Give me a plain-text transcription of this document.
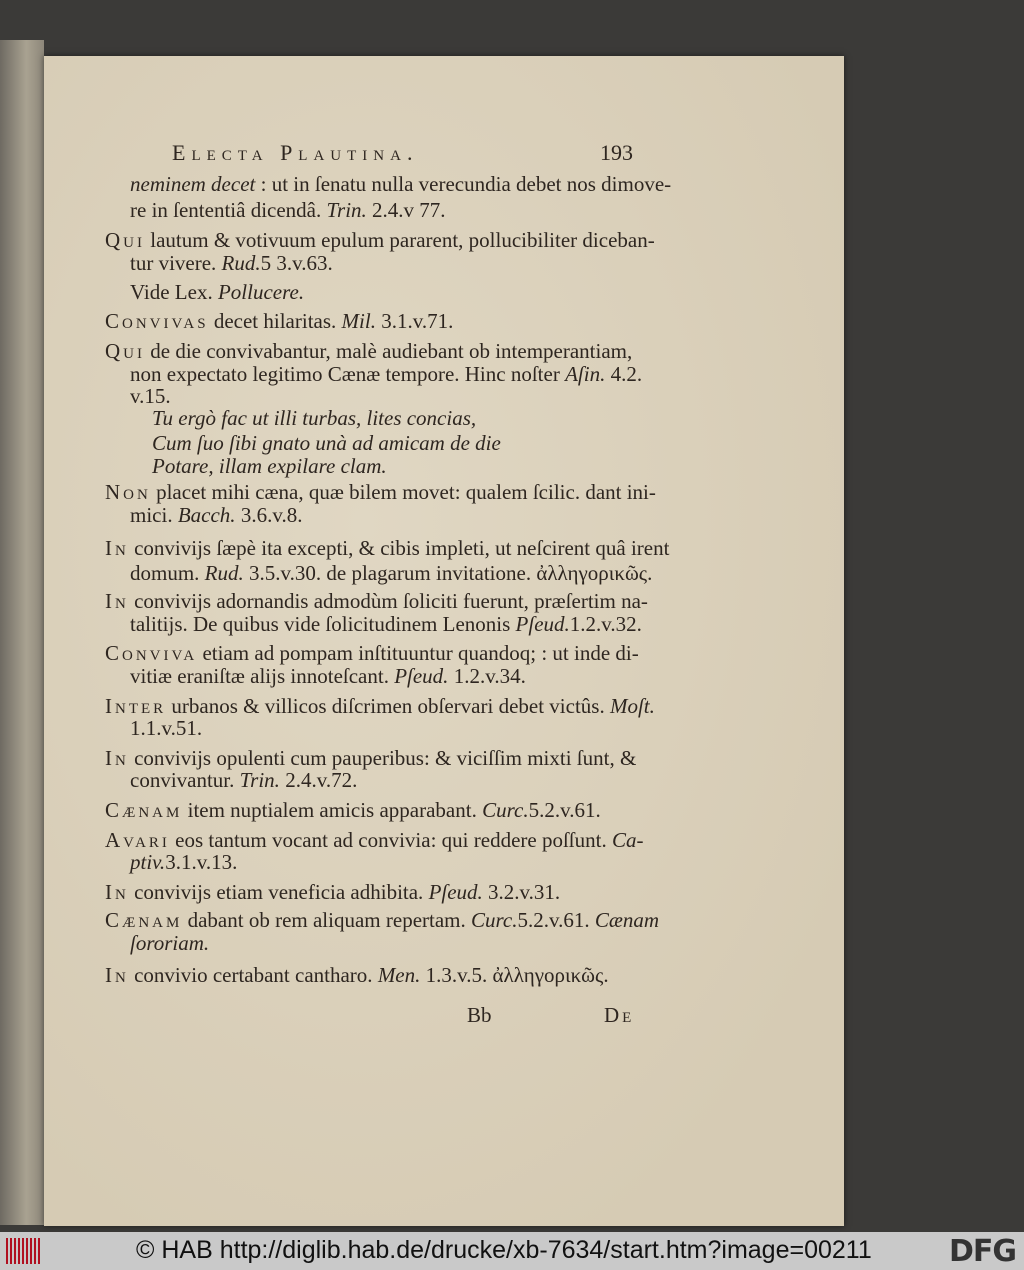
Electa Plautina.	193
Bb	De
© HAB http://diglib.hab.de/drucke/xb-7634/start.htm?image=00211	DFG
neminem decet : ut in ſenatu nulla verecundia debet nos dimove-
re in ſententiâ dicendâ. Trin. 2.4.v 77.
Qui lautum & votivuum epulum pararent, pollucibiliter diceban-
tur vivere. Rud.5 3.v.63.
Vide Lex. Pollucere.
Convivas decet hilaritas. Mil. 3.1.v.71.
Qui de die convivabantur, malè audiebant ob intemperantiam,
non expectato legitimo Cænæ tempore. Hinc noſter Aſin. 4.2.
v.15.
Tu ergò fac ut illi turbas, lites concias,
Cum ſuo ſibi gnato unà ad amicam de die
Potare, illam expilare clam.
Non placet mihi cæna, quæ bilem movet: qualem ſcilic. dant ini-
mici. Bacch. 3.6.v.8.
In convivijs ſæpè ita excepti, & cibis impleti, ut neſcirent quâ irent
domum. Rud. 3.5.v.30. de plagarum invitatione. ἀλληγορικῶς.
In convivijs adornandis admodùm ſoliciti fuerunt, præſertim na-
talitijs. De quibus vide ſolicitudinem Lenonis Pſeud.1.2.v.32.
Conviva etiam ad pompam inſtituuntur quandoq; : ut inde di-
vitiæ eraniſtæ alijs innoteſcant. Pſeud. 1.2.v.34.
Inter urbanos & villicos diſcrimen obſervari debet victûs. Moſt.
1.1.v.51.
In convivijs opulenti cum pauperibus: & viciſſim mixti ſunt, &
convivantur. Trin. 2.4.v.72.
Cænam item nuptialem amicis apparabant. Curc.5.2.v.61.
Avari eos tantum vocant ad convivia: qui reddere poſſunt. Ca-
ptiv.3.1.v.13.
In convivijs etiam veneficia adhibita. Pſeud. 3.2.v.31.
Cænam dabant ob rem aliquam repertam. Curc.5.2.v.61. Cænam
ſororiam.
In convivio certabant cantharo. Men. 1.3.v.5. ἀλληγορικῶς.
